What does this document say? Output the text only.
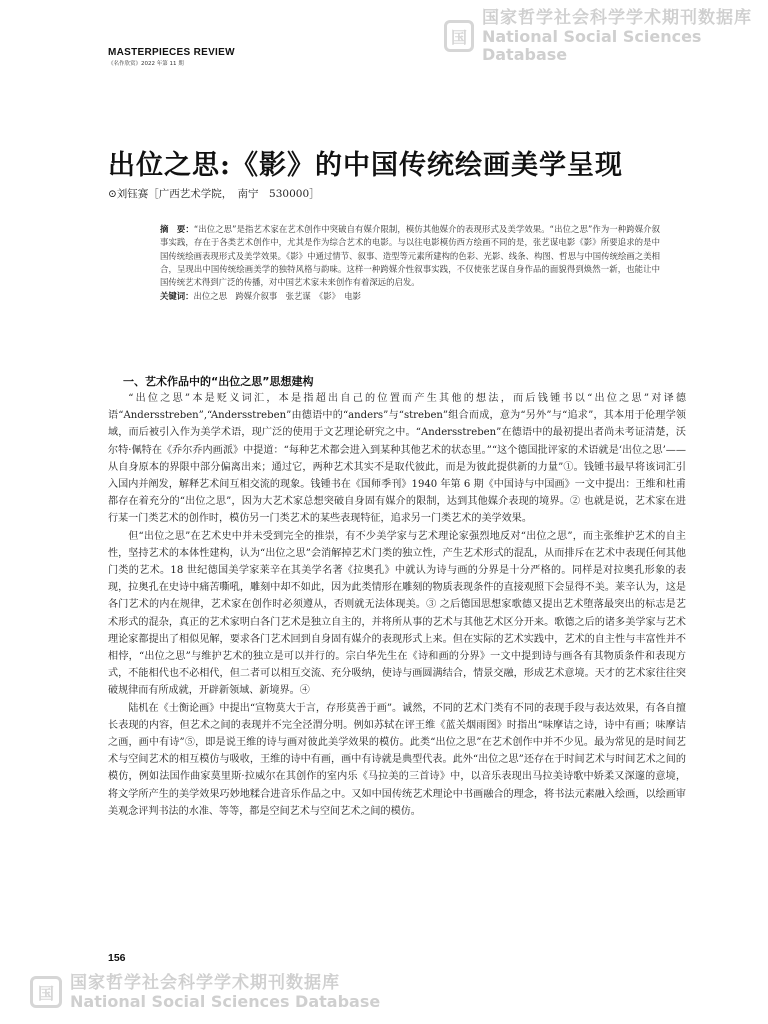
国
国家哲学社会科学学术期刊数据库
National Social Sciences Database
MASTERPIECES REVIEW
《名作欣赏》2022 年第 11 期
出位之思:《影》的中国传统绘画美学呈现
⊙刘钰赛［广西艺术学院，　南宁　530000］
摘　要：“出位之思”是指艺术家在艺术创作中突破自有媒介限制，模仿其他媒介的表现形式及美学效果。“出位之思”作为一种跨媒介叙事实践，存在于各类艺术创作中，尤其是作为综合艺术的电影。与以往电影模仿西方绘画不同的是，张艺谋电影《影》所要追求的是中国传统绘画表现形式及美学效果。《影》中通过情节、叙事、造型等元素所建构的色彩、光影、线条、构图、哲思与中国传统绘画之美相合，呈现出中国传统绘画美学的独特风格与韵味。这样一种跨媒介性叙事实践，不仅使张艺谋自身作品的面貌得到焕然一新，也能让中国传统艺术得到广泛的传播，对中国艺术家未来创作有着深远的启发。
关键词：出位之思　跨媒介叙事　张艺谋　《影》　电影
一、艺术作品中的“出位之思”思想建构

“出位之思”本是贬义词汇，本是指超出自己的位置而产生其他的想法，而后钱锺书以“出位之思”对译德语“Andersstreben”,“Andersstreben”由德语中的“anders”与“streben”组合而成，意为“另外”与“追求”，其本用于伦理学领域，而后被引入作为美学术语，现广泛的使用于文艺理论研究之中。“Andersstreben”在德语中的最初提出者尚未考证清楚，沃尔特·佩特在《乔尔乔内画派》中提道：“每种艺术都会进入到某种其他艺术的状态里。”“这个德国批评家的术语就是‘出位之思’——从自身原本的界限中部分偏离出来；通过它，两种艺术其实不是取代彼此，而是为彼此提供新的力量”①。钱锺书最早将该词汇引入国内并阐发，解释艺术间互相交流的现象。钱锺书在《国师季刊》1940 年第 6 期《中国诗与中国画》一文中提出：王维和杜甫都存在着充分的“出位之思”，因为大艺术家总想突破自身固有媒介的限制，达到其他媒介表现的境界。② 也就是说，艺术家在进行某一门类艺术的创作时，模仿另一门类艺术的某些表现特征，追求另一门类艺术的美学效果。

但“出位之思”在艺术史中并未受到完全的推崇，有不少美学家与艺术理论家强烈地反对“出位之思”，而主张维护艺术的自主性，坚持艺术的本体性建构，认为“出位之思”会消解掉艺术门类的独立性，产生艺术形式的混乱，从而排斥在艺术中表现任何其他门类的艺术。18 世纪德国美学家莱辛在其美学名著《拉奥孔》中就认为诗与画的分界是十分严格的。同样是对拉奥孔形象的表现，拉奥孔在史诗中痛苦嘶吼，雕刻中却不如此，因为此类情形在雕刻的物质表现条件的直接观照下会显得不美。莱辛认为，这是各门艺术的内在规律，艺术家在创作时必须遵从，否则就无法体现美。③ 之后德国思想家歌德又提出艺术堕落最突出的标志是艺术形式的混杂，真正的艺术家明白各门艺术是独立自主的，并将所从事的艺术与其他艺术区分开来。歌德之后的诸多美学家与艺术理论家都提出了相似见解，要求各门艺术回到自身固有媒介的表现形式上来。但在实际的艺术实践中，艺术的自主性与丰富性并不相悖，“出位之思”与维护艺术的独立是可以并行的。宗白华先生在《诗和画的分界》一文中提到诗与画各有其物质条件和表现方式，不能相代也不必相代，但二者可以相互交流、充分吸纳，使诗与画圆满结合，情景交融，形成艺术意境。天才的艺术家往往突破规律而有所成就，开辟新领域、新境界。④

陆机在《士衡论画》中提出“宣物莫大于言，存形莫善于画”。诚然，不同的艺术门类有不同的表现手段与表达效果，有各自擅长表现的内容，但艺术之间的表现并不完全泾渭分明。例如苏轼在评王维《蓝关烟雨图》时指出“味摩诘之诗，诗中有画；味摩诘之画，画中有诗”⑤，即是说王维的诗与画对彼此美学效果的模仿。此类“出位之思”在艺术创作中并不少见。最为常见的是时间艺术与空间艺术的相互模仿与吸收，王维的诗中有画，画中有诗就是典型代表。此外“出位之思”还存在于时间艺术与时间艺术之间的模仿，例如法国作曲家莫里斯·拉威尔在其创作的室内乐《马拉美的三首诗》中，以音乐表现出马拉美诗歌中娇柔又深邃的意境，将文学所产生的美学效果巧妙地糅合进音乐作品之中。又如中国传统艺术理论中书画融合的理念，将书法元素融入绘画，以绘画审美观念评判书法的水准、等等，都是空间艺术与空间艺术之间的模仿。

156
国 国家哲学社会科学学术期刊数据库
National Social Sciences Database
